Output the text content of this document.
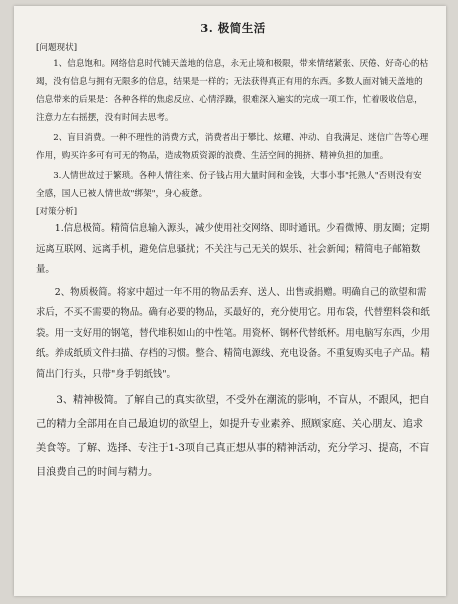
3. 极简生活
[问题现状]

1、信息饱和。网络信息时代铺天盖地的信息，永无止境和极限，带来情绪紧张、厌倦、好奇心的枯竭，没有信息与拥有无限多的信息，结果是一样的；无法获得真正有用的东西。多数人面对铺天盖地的信息带来的后果是：各种各样的焦虑反应、心情浮躁，很难深入遍实的完成一项工作，忙着吸收信息，注意力左右摇摆，没有时间去思考。

2、盲目消费。一种不理性的消费方式，消费者出于攀比、炫耀、冲动、自我满足、迷信广告等心理作用，购买许多可有可无的物品，造成物质资源的浪费、生活空间的拥挤、精神负担的加重。

3.人情世故过于繁琐。各种人情往来、份子钱占用大量时间和金钱，大事小事"托熟人"否则没有安全感，国人已被人情世故"绑架"，身心疲惫。

[对策分析]

1.信息极简。精简信息输入源头，减少使用社交网络、即时通讯。少看微博、朋友圈；定期远离互联网、远离手机，避免信息骚扰；不关注与己无关的娱乐、社会新闻；精简电子邮箱数量。

2、物质极简。将家中超过一年不用的物品丢弃、送人、出售或捐赠。明确自己的欲望和需求后，不买不需要的物品。确有必要的物品，买最好的，充分使用它。用布袋，代替塑料袋和纸袋。用一支好用的钢笔，替代堆积如山的中性笔。用瓷杯、钢杯代替纸杯。用电脑写东西，少用纸。养成纸质文件扫描、存档的习惯。整合、精简电源线、充电设备。不重复购买电子产品。精简出门行头，只带"身手钥纸钱"。

3、精神极简。了解自己的真实欲望，不受外在潮流的影响，不盲从，不跟风，把自己的精力全部用在自己最迫切的欲望上，如提升专业素养、照顾家庭、关心朋友、追求美食等。了解、选择、专注于1-3项自己真正想从事的精神活动，充分学习、提高，不盲目浪费自己的时间与精力。
